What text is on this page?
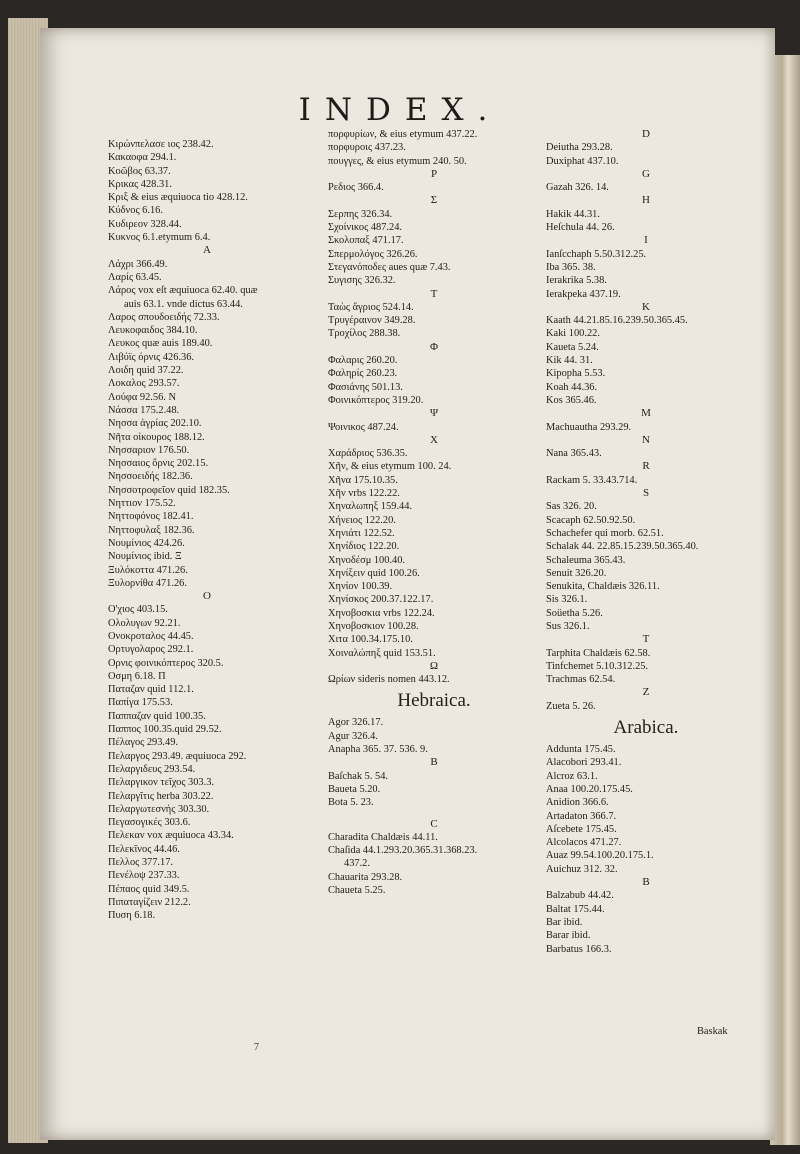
INDEX.
Κιρώνπελασε ιος 238.42.
Κακαοφα 294.1.
Κοῶβος 63.37.
Κρικας 428.31.
Κριξ & eius æquiuoca tio 428.12.
Κύδνος 6.16.
Κυδιρεον 328.44.
Κυκνος 6.1.etymum 6.4.
A
Λάχρι 366.49.
Λαρίς 63.45.
Λάρος vox eſt æquiuoca 62.40. quæ
auis 63.1. vnde dictus 63.44.
Λαρος σπουδοειδής 72.33.
Λευκοφαιδος 384.10.
Λευκος quæ auis 189.40.
Λιβύϊς όρνις 426.36.
Λοιδη quid 37.22.
Λοκαλος 293.57.
Λούφα 92.56. N
Νάσσα 175.2.48.
Νησσα ἀγρίας 202.10.
Νῆτα οἰκουρος 188.12.
Νησσαριον 176.50.
Νησσαιος ὄρνις 202.15.
Νησσοειδής 182.36.
Νησσοτροφεῖον quid 182.35.
Νηττιον 175.52.
Νηττοφόνος 182.41.
Νηττοφυλαξ 182.36.
Νουμίνιος 424.26.
Νουμίνιος ibid. Ξ
Ξυλόκοττα 471.26.
Ξυλορνίθα 471.26.
O
Ο'χιος 403.15.
Ολολυγων 92.21.
Ονοκροταλος 44.45.
Ορτυγολαρος 292.1.
Ορνις φοινικόπτερος 320.5.
Οσμη 6.18. Π
Παταζαν quid 112.1.
Παπίγα 175.53.
Παππαζαν quid 100.35.
Παππος 100.35.quid 29.52.
Πέλαγος 293.49.
Πελαργος 293.49. æquiuoca 292.
Πελαργιδευς 293.54.
Πελαργικον τεῖχος 303.3.
Πελαργῖτις herba 303.22.
Πελαργωτεσνής 303.30.
Πεγασογικές 303.6.
Πελεκαν vox æquiuoca 43.34.
Πελεκῖνος 44.46.
Πελλος 377.17.
Πενέλοψ 237.33.
Πέπαος quid 349.5.
Πιπαταγίζειν 212.2.
Πυση 6.18.
πορφυρίων, & eius etymum 437.22.
πορφυροις 437.23.
πουγγες, & eius etymum 240. 50.
P
Ρεδιος 366.4.
Σ
Σερπης 326.34.
Σχοίνικος 487.24.
Σκολοπαξ 471.17.
Σπερμολόγος 326.26.
Στεγανόποδες aues quæ 7.43.
Συγισης 326.32.
T
Ταὼς ἄγριος 524.14.
Τρυγέραινον 349.28.
Τροχίλος 288.38.
Φ
Φαλαρις 260.20.
Φαληρίς 260.23.
Φασιάνης 501.13.
Φοινικόπτερος 319.20.
Ψ
Ψοινικος 487.24.
X
Χαράδριος 536.35.
Χῆν, & eius etymum 100. 24.
Χῆνα 175.10.35.
Χῆν vrbs 122.22.
Χηναλωπηξ 159.44.
Χήνειος 122.20.
Χηνιάτι 122.52.
Χηνίδιος 122.20.
Χηνοδέσμ 100.40.
Χηνίξειν quid 100.26.
Χηνίον 100.39.
Χηνίσκος 200.37.122.17.
Χηνοβοσκια vrbs 122.24.
Χηνοβοσκιον 100.28.
Χιτα 100.34.175.10.
Χοιναλώπηξ quid 153.51.
Ω
Ωρίων sideris nomen 443.12.
Hebraica.
Agor 326.17.
Agur 326.4.
Anapha 365. 37. 536. 9.
B
Baſchak 5. 54.
Baueta 5.20.
Bota 5. 23.
C
Charadita Chaldæis 44.11.
Chaſida 44.1.293.20.365.31.368.23.
437.2.
Chauarita 293.28.
Chaueta 5.25.
D
Deiutha 293.28.
Duxiphat 437.10.
G
Gazah 326. 14.
H
Hakik 44.31.
Heſchula 44. 26.
I
Ianſcchaph 5.50.312.25.
Iba 365. 38.
Ierakrika 5.38.
Ierakpeka 437.19.
K
Kaath 44.21.85.16.239.50.365.45.
Kaki 100.22.
Kaueta 5.24.
Kik 44. 31.
Kipopha 5.53.
Koah 44.36.
Kos 365.46.
M
Machuautha 293.29.
N
Nana 365.43.
R
Rackam 5. 33.43.714.
S
Sas 326. 20.
Scacaph 62.50.92.50.
Schachefer qui morb. 62.51.
Schalak 44. 22.85.15.239.50.365.40.
Schaleuma 365.43.
Senuit 326.20.
Senukita, Chaldæis 326.11.
Sis 326.1.
Soüetha 5.26.
Sus 326.1.
T
Tarphita Chaldæis 62.58.
Tinfchemet 5.10.312.25.
Trachmas 62.54.
Z
Zueta 5. 26.
Arabica.
Addunta 175.45.
Alacobori 293.41.
Alcroz 63.1.
Anaa 100.20.175.45.
Anidion 366.6.
Artadaton 366.7.
Aſcebete 175.45.
Alcolacos 471.27.
Auaz 99.54.100.20.175.1.
Auichuz 312. 32.
B
Balzabub 44.42.
Baltat 175.44.
Bar ibid.
Barar ibid.
Barbatus 166.3.
7
Baskak
